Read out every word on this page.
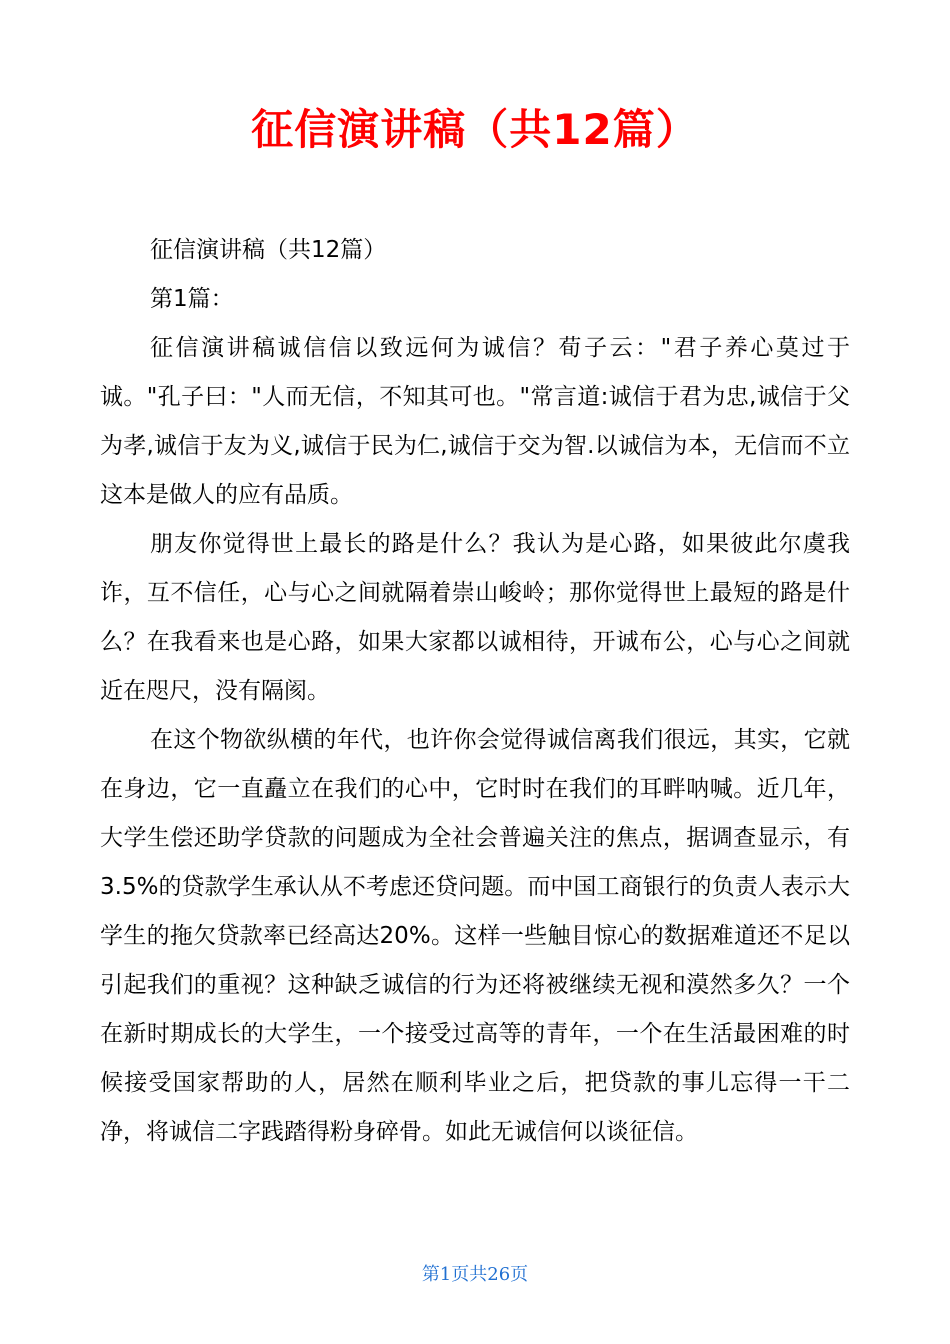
征信演讲稿（共12篇）

征信演讲稿（共12篇）

第1篇：

征信演讲稿诚信信以致远何为诚信？荀子云："君子养心莫过于诚。"孔子曰："人而无信，不知其可也。"常言道:诚信于君为忠,诚信于父为孝,诚信于友为义,诚信于民为仁,诚信于交为智.以诚信为本，无信而不立这本是做人的应有品质。

朋友你觉得世上最长的路是什么？我认为是心路，如果彼此尔虞我诈，互不信任，心与心之间就隔着崇山峻岭；那你觉得世上最短的路是什么？在我看来也是心路，如果大家都以诚相待，开诚布公，心与心之间就近在咫尺，没有隔阂。

在这个物欲纵横的年代，也许你会觉得诚信离我们很远，其实，它就在身边，它一直矗立在我们的心中，它时时在我们的耳畔呐喊。近几年，大学生偿还助学贷款的问题成为全社会普遍关注的焦点，据调查显示，有3.5%的贷款学生承认从不考虑还贷问题。而中国工商银行的负责人表示大学生的拖欠贷款率已经高达20%。这样一些触目惊心的数据难道还不足以引起我们的重视？这种缺乏诚信的行为还将被继续无视和漠然多久？一个在新时期成长的大学生，一个接受过高等的青年，一个在生活最困难的时候接受国家帮助的人，居然在顺利毕业之后，把贷款的事儿忘得一干二净，将诚信二字践踏得粉身碎骨。如此无诚信何以谈征信。

第1页共26页
